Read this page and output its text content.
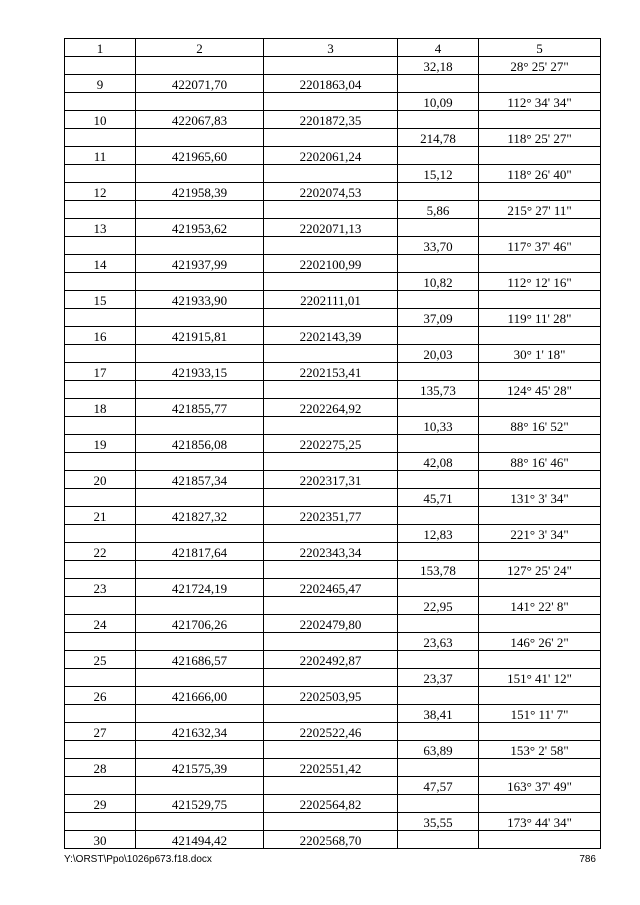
1	2	3	4	5
			32,18	28° 25' 27"
9	422071,70	2201863,04		
			10,09	112° 34' 34"
10	422067,83	2201872,35		
			214,78	118° 25' 27"
11	421965,60	2202061,24		
			15,12	118° 26' 40"
12	421958,39	2202074,53		
			5,86	215° 27' 11"
13	421953,62	2202071,13		
			33,70	117° 37' 46"
14	421937,99	2202100,99		
			10,82	112° 12' 16"
15	421933,90	2202111,01		
			37,09	119° 11' 28"
16	421915,81	2202143,39		
			20,03	30° 1' 18"
17	421933,15	2202153,41		
			135,73	124° 45' 28"
18	421855,77	2202264,92		
			10,33	88° 16' 52"
19	421856,08	2202275,25		
			42,08	88° 16' 46"
20	421857,34	2202317,31		
			45,71	131° 3' 34"
21	421827,32	2202351,77		
			12,83	221° 3' 34"
22	421817,64	2202343,34		
			153,78	127° 25' 24"
23	421724,19	2202465,47		
			22,95	141° 22' 8"
24	421706,26	2202479,80		
			23,63	146° 26' 2"
25	421686,57	2202492,87		
			23,37	151° 41' 12"
26	421666,00	2202503,95		
			38,41	151° 11' 7"
27	421632,34	2202522,46		
			63,89	153° 2' 58"
28	421575,39	2202551,42		
			47,57	163° 37' 49"
29	421529,75	2202564,82		
			35,55	173° 44' 34"
30	421494,42	2202568,70		
Y:\ORST\Ppo\1026p673.f18.docx	786
